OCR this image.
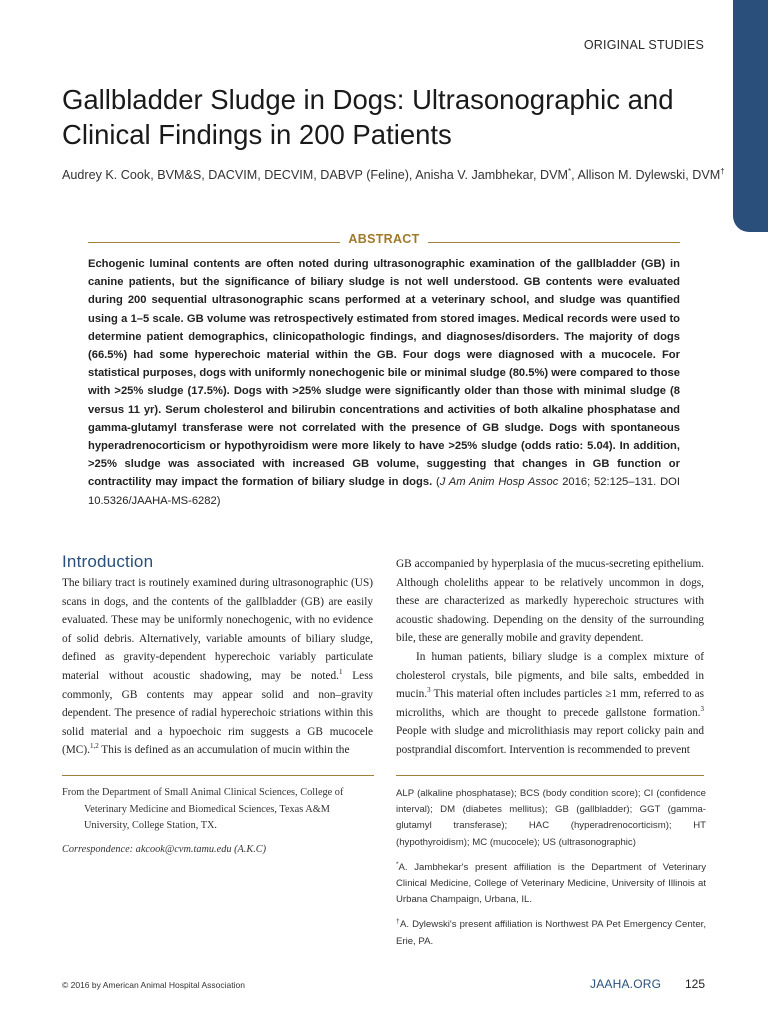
ORIGINAL STUDIES
Gallbladder Sludge in Dogs: Ultrasonographic and Clinical Findings in 200 Patients
Audrey K. Cook, BVM&S, DACVIM, DECVIM, DABVP (Feline), Anisha V. Jambhekar, DVM*, Allison M. Dylewski, DVM†
ABSTRACT

Echogenic luminal contents are often noted during ultrasonographic examination of the gallbladder (GB) in canine patients, but the significance of biliary sludge is not well understood. GB contents were evaluated during 200 sequential ultrasonographic scans performed at a veterinary school, and sludge was quantified using a 1–5 scale. GB volume was retrospectively estimated from stored images. Medical records were used to determine patient demographics, clinicopathologic findings, and diagnoses/disorders. The majority of dogs (66.5%) had some hyperechoic material within the GB. Four dogs were diagnosed with a mucocele. For statistical purposes, dogs with uniformly nonechogenic bile or minimal sludge (80.5%) were compared to those with >25% sludge (17.5%). Dogs with >25% sludge were significantly older than those with minimal sludge (8 versus 11 yr). Serum cholesterol and bilirubin concentrations and activities of both alkaline phosphatase and gamma-glutamyl transferase were not correlated with the presence of GB sludge. Dogs with spontaneous hyperadrenocorticism or hypothyroidism were more likely to have >25% sludge (odds ratio: 5.04). In addition, >25% sludge was associated with increased GB volume, suggesting that changes in GB function or contractility may impact the formation of biliary sludge in dogs. (J Am Anim Hosp Assoc 2016; 52:125–131. DOI 10.5326/JAAHA-MS-6282)

Introduction

The biliary tract is routinely examined during ultrasonographic (US) scans in dogs, and the contents of the gallbladder (GB) are easily evaluated. These may be uniformly nonechogenic, with no evidence of solid debris. Alternatively, variable amounts of biliary sludge, defined as gravity-dependent hyperechoic variably particulate material without acoustic shadowing, may be noted.$^1$ Less commonly, GB contents may appear solid and non–gravity dependent. The presence of radial hyperechoic striations within this solid material and a hypoechoic rim suggests a GB mucocele (MC).$^{1,2}$ This is defined as an accumulation of mucin within the

GB accompanied by hyperplasia of the mucus-secreting epithelium. Although choleliths appear to be relatively uncommon in dogs, these are characterized as markedly hyperechoic structures with acoustic shadowing. Depending on the density of the surrounding bile, these are generally mobile and gravity dependent.

In human patients, biliary sludge is a complex mixture of cholesterol crystals, bile pigments, and bile salts, embedded in mucin.$^3$ This material often includes particles ≥1 mm, referred to as microliths, which are thought to precede gallstone formation.$^3$ People with sludge and microlithiasis may report colicky pain and postprandial discomfort. Intervention is recommended to prevent

From the Department of Small Animal Clinical Sciences, College of Veterinary Medicine and Biomedical Sciences, Texas A&M University, College Station, TX.

Correspondence: akcook@cvm.tamu.edu (A.K.C)

ALP (alkaline phosphatase); BCS (body condition score); CI (confidence interval); DM (diabetes mellitus); GB (gallbladder); GGT (gamma-glutamyl transferase); HAC (hyperadrenocorticism); HT (hypothyroidism); MC (mucocele); US (ultrasonographic)

*A. Jambhekar's present affiliation is the Department of Veterinary Clinical Medicine, College of Veterinary Medicine, University of Illinois at Urbana Champaign, Urbana, IL.

†A. Dylewski's present affiliation is Northwest PA Pet Emergency Center, Erie, PA.

© 2016 by American Animal Hospital Association	JAAHA.ORG 125
